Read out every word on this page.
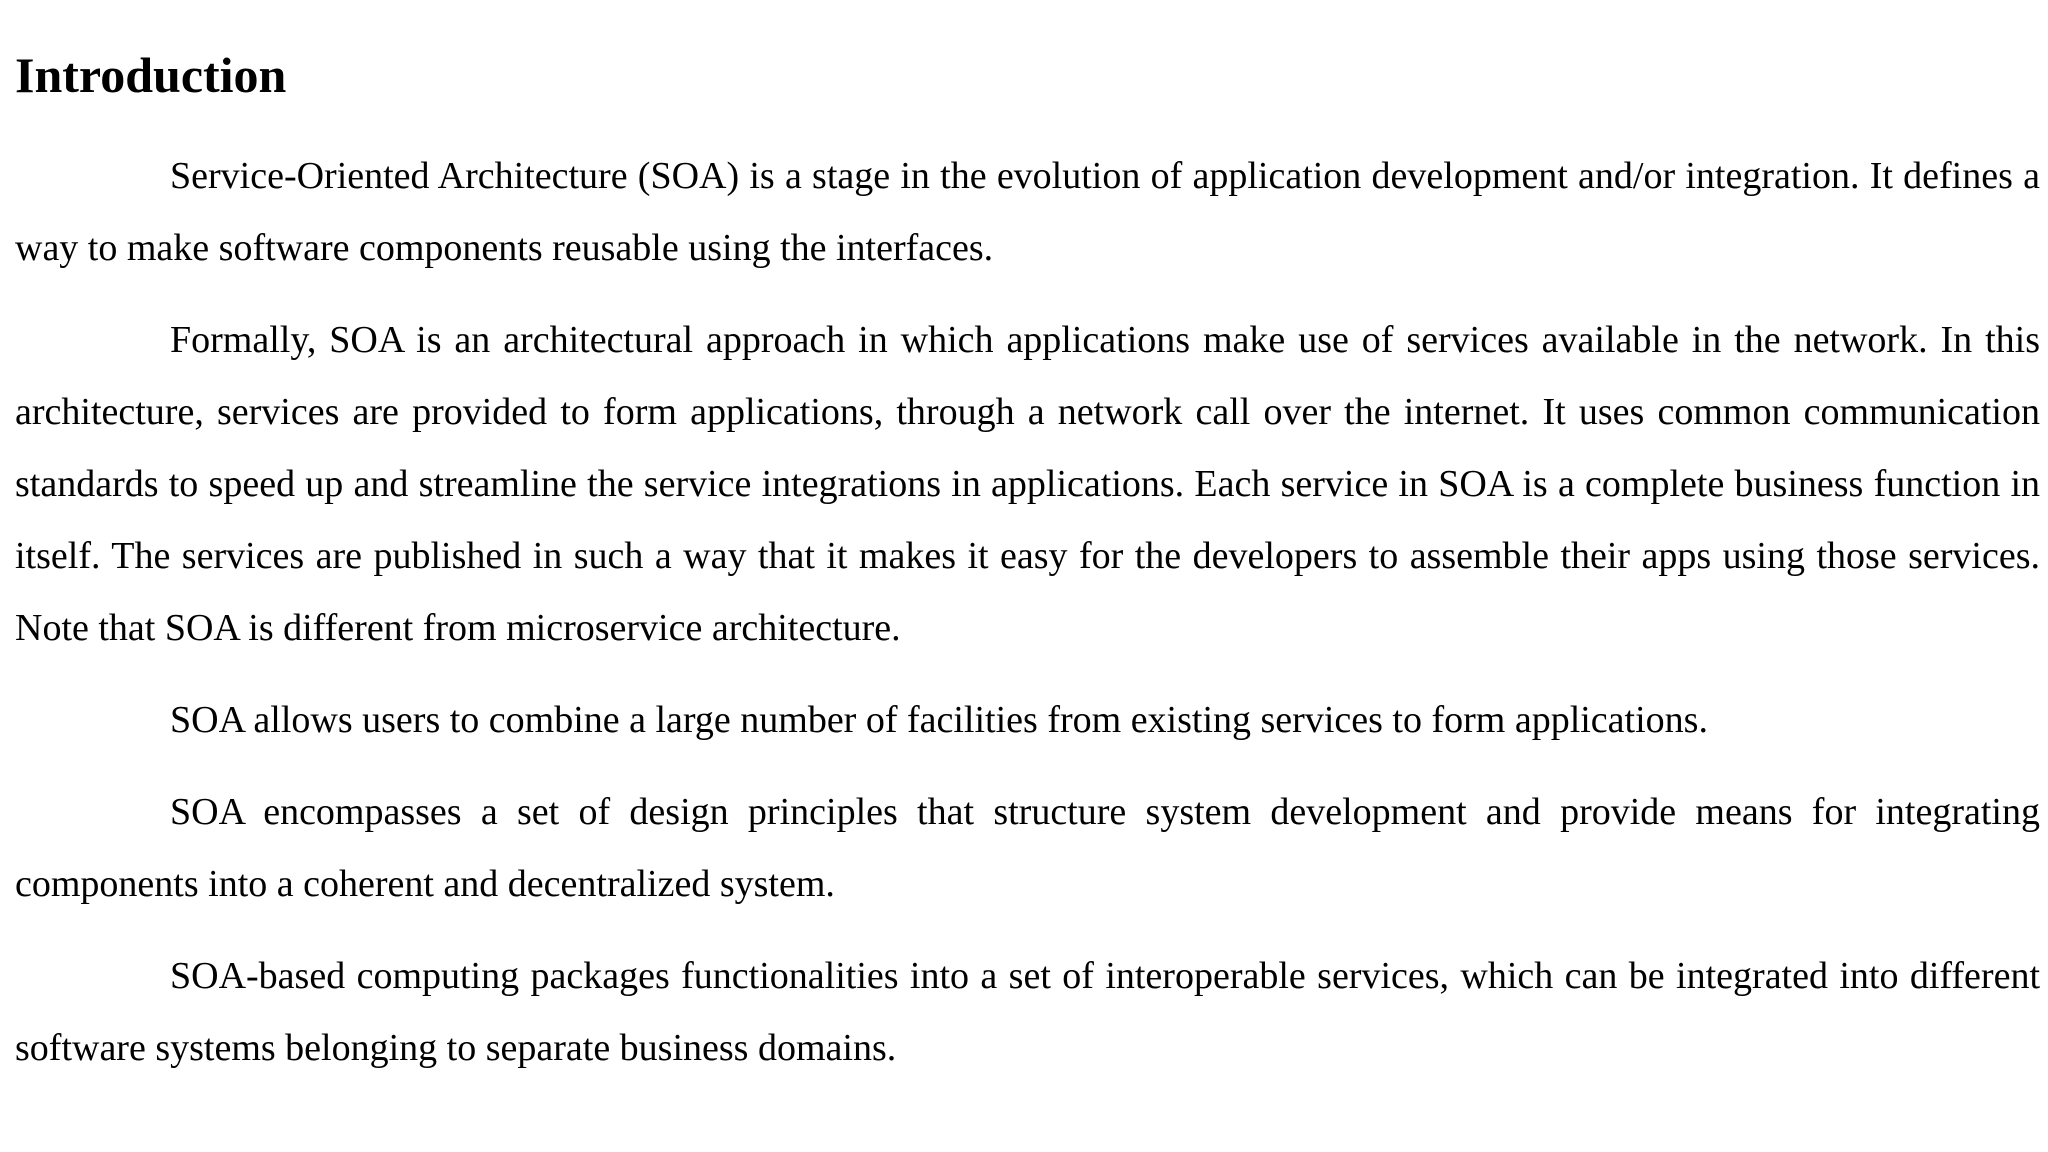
Introduction

Service-Oriented Architecture (SOA) is a stage in the evolution of application development and/or integration. It defines a way to make software components reusable using the interfaces.

Formally, SOA is an architectural approach in which applications make use of services available in the network. In this architecture, services are provided to form applications, through a network call over the internet. It uses common communication standards to speed up and streamline the service integrations in applications. Each service in SOA is a complete business function in itself. The services are published in such a way that it makes it easy for the developers to assemble their apps using those services. Note that SOA is different from microservice architecture.

SOA allows users to combine a large number of facilities from existing services to form applications.

SOA encompasses a set of design principles that structure system development and provide means for integrating components into a coherent and decentralized system.

SOA-based computing packages functionalities into a set of interoperable services, which can be integrated into different software systems belonging to separate business domains.
